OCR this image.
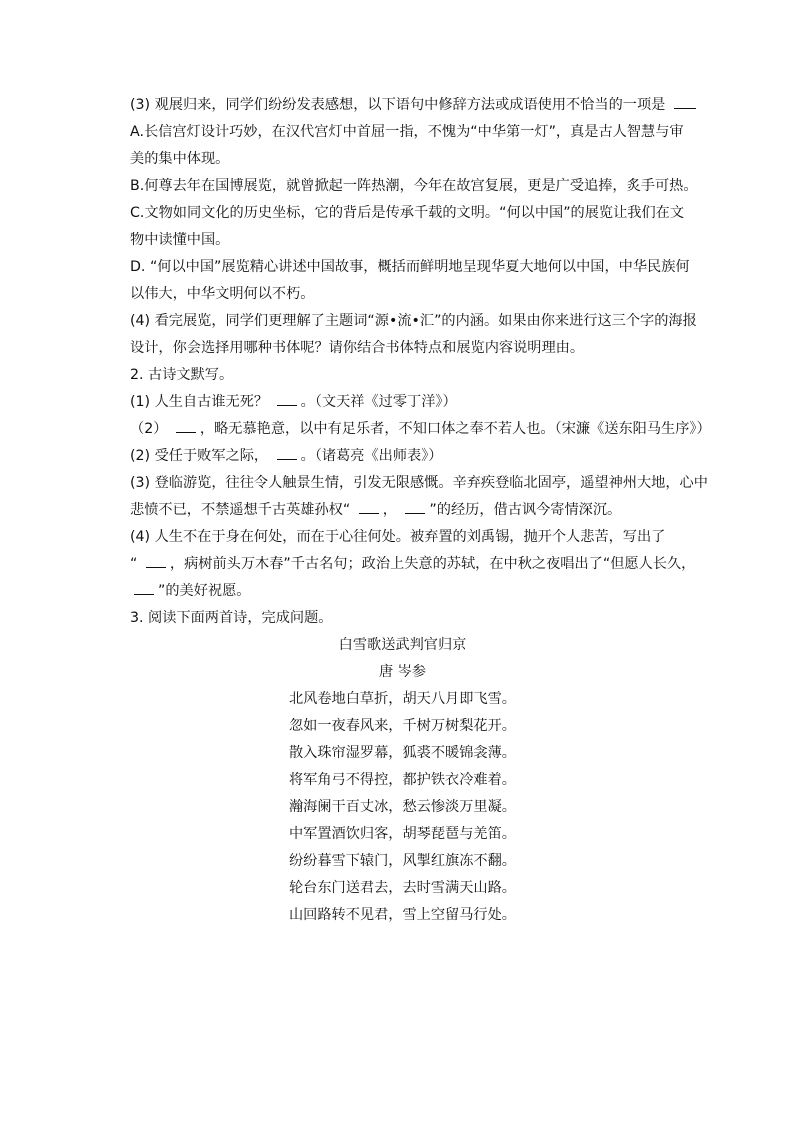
(3) 观展归来，同学们纷纷发表感想，以下语句中修辞方法或成语使用不恰当的一项是
A.长信宫灯设计巧妙，在汉代宫灯中首屈一指，不愧为“中华第一灯”，真是古人智慧与审
美的集中体现。
B.何尊去年在国博展览，就曾掀起一阵热潮，今年在故宫复展，更是广受追捧，炙手可热。
C.文物如同文化的历史坐标，它的背后是传承千载的文明。“何以中国”的展览让我们在文
物中读懂中国。
D. “何以中国”展览精心讲述中国故事，概括而鲜明地呈现华夏大地何以中国，中华民族何
以伟大，中华文明何以不朽。
(4) 看完展览，同学们更理解了主题词“源•流•汇”的内涵。如果由你来进行这三个字的海报
设计，你会选择用哪种书体呢？请你结合书体特点和展览内容说明理由。
2. 古诗文默写。
(1) 人生自古谁无死？ 。（文天祥《过零丁洋》）
（2） ，略无慕艳意，以中有足乐者，不知口体之奉不若人也。（宋濂《送东阳马生序》）
(2) 受任于败军之际， 。（诸葛亮《出师表》）
(3) 登临游览，往往令人触景生情，引发无限感慨。辛弃疾登临北固亭，遥望神州大地，心中
悲愤不已，不禁遥想千古英雄孙权“ ， ”的经历，借古讽今寄情深沉。
(4) 人生不在于身在何处，而在于心往何处。被弃置的刘禹锡，抛开个人悲苦，写出了
“ ，病树前头万木春”千古名句；政治上失意的苏轼，在中秋之夜唱出了“但愿人长久，
”的美好祝愿。
3. 阅读下面两首诗，完成问题。
白雪歌送武判官归京
唐 岑参
北风卷地白草折，胡天八月即飞雪。
忽如一夜春风来，千树万树梨花开。
散入珠帘湿罗幕，狐裘不暖锦衾薄。
将军角弓不得控，都护铁衣冷难着。
瀚海阑干百丈冰，愁云惨淡万里凝。
中军置酒饮归客，胡琴琵琶与羌笛。
纷纷暮雪下辕门，风掣红旗冻不翻。
轮台东门送君去，去时雪满天山路。
山回路转不见君，雪上空留马行处。
